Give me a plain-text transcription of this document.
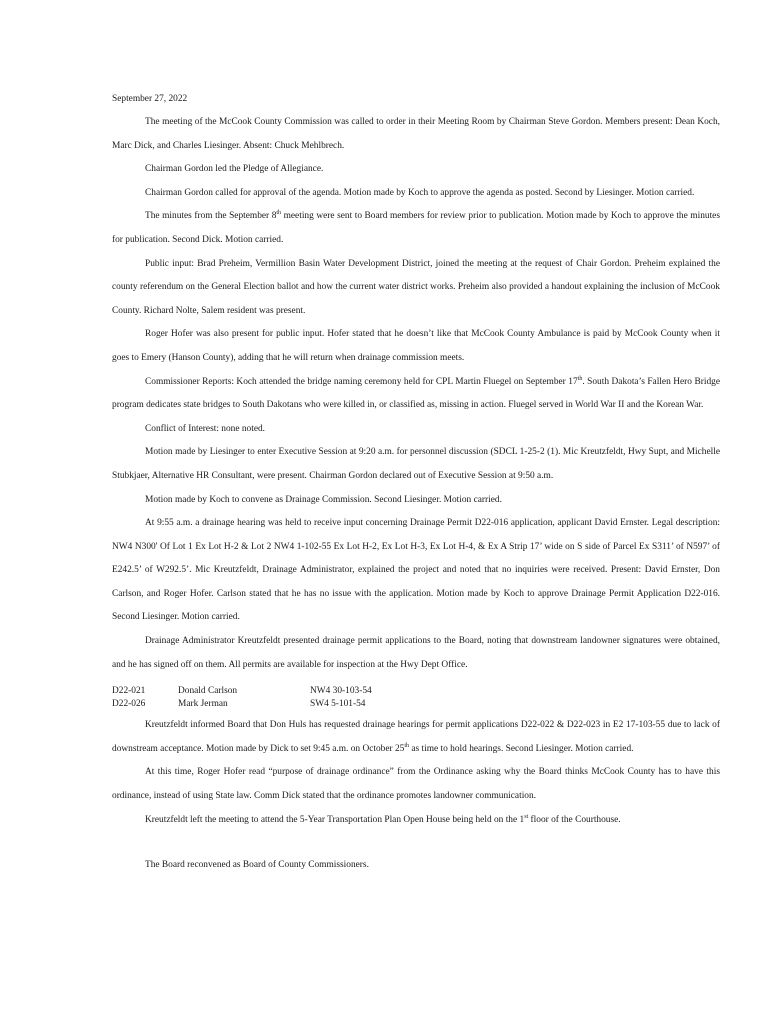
September 27, 2022

The meeting of the McCook County Commission was called to order in their Meeting Room by Chairman Steve Gordon. Members present: Dean Koch, Marc Dick, and Charles Liesinger. Absent: Chuck Mehlbrech.

Chairman Gordon led the Pledge of Allegiance.

Chairman Gordon called for approval of the agenda. Motion made by Koch to approve the agenda as posted. Second by Liesinger. Motion carried.

The minutes from the September 8th meeting were sent to Board members for review prior to publication. Motion made by Koch to approve the minutes for publication. Second Dick. Motion carried.

Public input: Brad Preheim, Vermillion Basin Water Development District, joined the meeting at the request of Chair Gordon. Preheim explained the county referendum on the General Election ballot and how the current water district works. Preheim also provided a handout explaining the inclusion of McCook County. Richard Nolte, Salem resident was present.

Roger Hofer was also present for public input. Hofer stated that he doesn’t like that McCook County Ambulance is paid by McCook County when it goes to Emery (Hanson County), adding that he will return when drainage commission meets.

Commissioner Reports: Koch attended the bridge naming ceremony held for CPL Martin Fluegel on September 17th. South Dakota’s Fallen Hero Bridge program dedicates state bridges to South Dakotans who were killed in, or classified as, missing in action. Fluegel served in World War II and the Korean War.

Conflict of Interest: none noted.

Motion made by Liesinger to enter Executive Session at 9:20 a.m. for personnel discussion (SDCL 1-25-2 (1). Mic Kreutzfeldt, Hwy Supt, and Michelle Stubkjaer, Alternative HR Consultant, were present. Chairman Gordon declared out of Executive Session at 9:50 a.m.

Motion made by Koch to convene as Drainage Commission. Second Liesinger. Motion carried.

At 9:55 a.m. a drainage hearing was held to receive input concerning Drainage Permit D22-016 application, applicant David Ernster. Legal description: NW4 N300' Of Lot 1 Ex Lot H-2 & Lot 2 NW4 1-102-55 Ex Lot H-2, Ex Lot H-3, Ex Lot H-4, & Ex A Strip 17’ wide on S side of Parcel Ex S311’ of N597’ of E242.5’ of W292.5’. Mic Kreutzfeldt, Drainage Administrator, explained the project and noted that no inquiries were received. Present: David Ernster, Don Carlson, and Roger Hofer. Carlson stated that he has no issue with the application. Motion made by Koch to approve Drainage Permit Application D22-016. Second Liesinger. Motion carried.

Drainage Administrator Kreutzfeldt presented drainage permit applications to the Board, noting that downstream landowner signatures were obtained, and he has signed off on them. All permits are available for inspection at the Hwy Dept Office.

D22-021	Donald Carlson	NW4 30-103-54
D22-026	Mark Jerman	SW4 5-101-54

Kreutzfeldt informed Board that Don Huls has requested drainage hearings for permit applications D22-022 & D22-023 in E2 17-103-55 due to lack of downstream acceptance. Motion made by Dick to set 9:45 a.m. on October 25th as time to hold hearings. Second Liesinger. Motion carried.

At this time, Roger Hofer read “purpose of drainage ordinance” from the Ordinance asking why the Board thinks McCook County has to have this ordinance, instead of using State law. Comm Dick stated that the ordinance promotes landowner communication.

Kreutzfeldt left the meeting to attend the 5-Year Transportation Plan Open House being held on the 1st floor of the Courthouse.

The Board reconvened as Board of County Commissioners.
